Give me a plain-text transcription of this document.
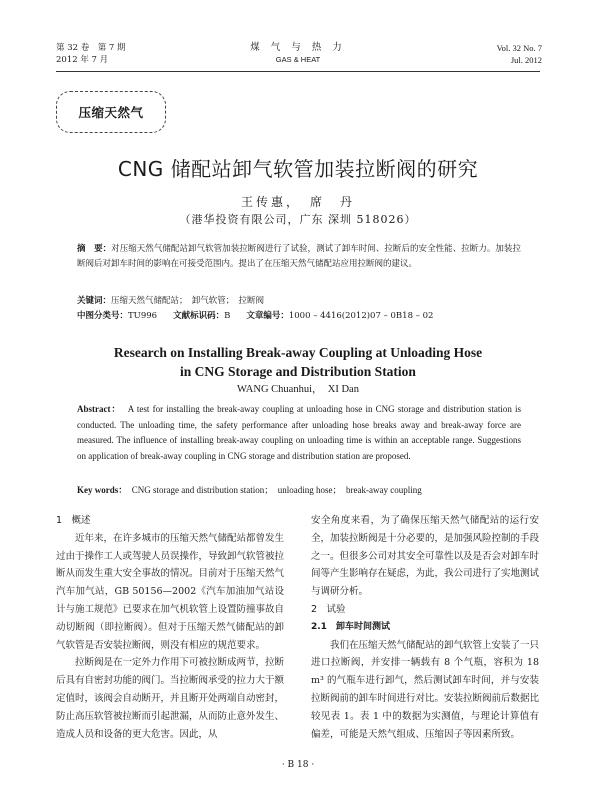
第 32 卷　第 7 期
2012 年 7 月
煤 气 与 热 力
GAS & HEAT
Vol. 32 No. 7
Jul. 2012
压缩天然气
CNG 储配站卸气软管加装拉断阀的研究
王传惠，　席　丹
（港华投资有限公司，广东 深圳 518026）
摘　要：对压缩天然气储配站卸气软管加装拉断阀进行了试验，测试了卸车时间、拉断后的安全性能、拉断力。加装拉断阀后对卸车时间的影响在可接受范围内。提出了在压缩天然气储配站应用拉断阀的建议。
关键词：压缩天然气储配站；　卸气软管；　拉断阀
中图分类号：TU996 文献标识码：B 文章编号：1000 – 4416(2012)07 – 0B18 – 02
Research on Installing Break-away Coupling at Unloading Hose
in CNG Storage and Distribution Station
WANG Chuanhui，　XI Dan
Abstract： A test for installing the break-away coupling at unloading hose in CNG storage and distribution station is conducted. The unloading time, the safety performance after unloading hose breaks away and break-away force are measured. The influence of installing break-away coupling on unloading time is within an acceptable range. Suggestions on application of break-away coupling in CNG storage and distribution station are proposed.
Key words： CNG storage and distribution station；　unloading hose；　break-away coupling
1　概述
近年来，在许多城市的压缩天然气储配站都曾发生过由于操作工人或驾驶人员误操作，导致卸气软管被拉断从而发生重大安全事故的情况。目前对于压缩天然气汽车加气站，GB 50156—2002《汽车加油加气站设计与施工规范》已要求在加气机软管上设置防撞事故自动切断阀（即拉断阀）。但对于压缩天然气储配站的卸气软管是否安装拉断阀，则没有相应的规范要求。
拉断阀是在一定外力作用下可被拉断成两节，拉断后具有自密封功能的阀门。当拉断阀承受的拉力大于额定值时，该阀会自动断开，并且断开处两端自动密封，防止高压软管被拉断而引起泄漏，从而防止意外发生、造成人员和设备的更大危害。因此，从
安全角度来看，为了确保压缩天然气储配站的运行安全，加装拉断阀是十分必要的，是加强风险控制的手段之一。但很多公司对其安全可靠性以及是否会对卸车时间等产生影响存在疑虑，为此，我公司进行了实地测试与调研分析。
2　试验
2.1　卸车时间测试
我们在压缩天然气储配站的卸气软管上安装了一只进口拉断阀，并安排一辆载有 8 个气瓶，容积为 18 m³ 的气瓶车进行卸气，然后测试卸车时间，并与安装拉断阀前的卸车时间进行对比。安装拉断阀前后数据比较见表 1。表 1 中的数据为实测值，与理论计算值有偏差，可能是天然气组成、压缩因子等因素所致。
· B 18 ·
